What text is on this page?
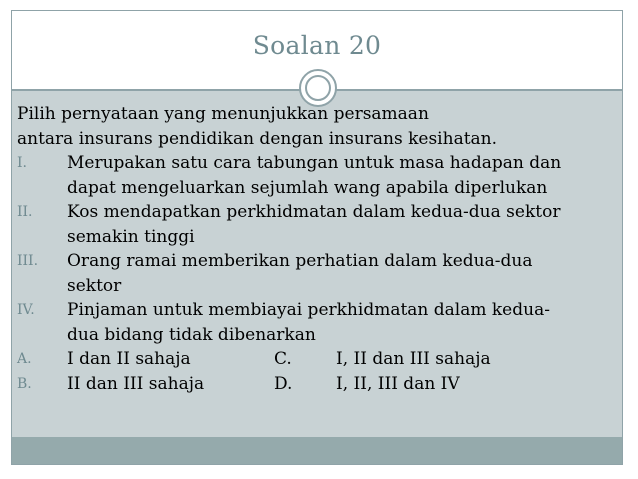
Soalan 20

Pilih pernyataan yang menunjukkan persamaan

antara insurans pendidikan dengan insurans kesihatan.

I.	Merupakan satu cara tabungan untuk masa hadapan dan
dapat mengeluarkan sejumlah wang apabila diperlukan
II.	Kos mendapatkan perkhidmatan dalam kedua-dua sektor
semakin tinggi
III.	Orang ramai memberikan perhatian dalam kedua-dua
sektor
IV.	Pinjaman untuk membiayai perkhidmatan dalam kedua-
dua bidang tidak dibenarkan
A.	I dan II sahaja	C.	I, II dan III sahaja
B.	II dan III sahaja	D.	I, II, III dan IV
